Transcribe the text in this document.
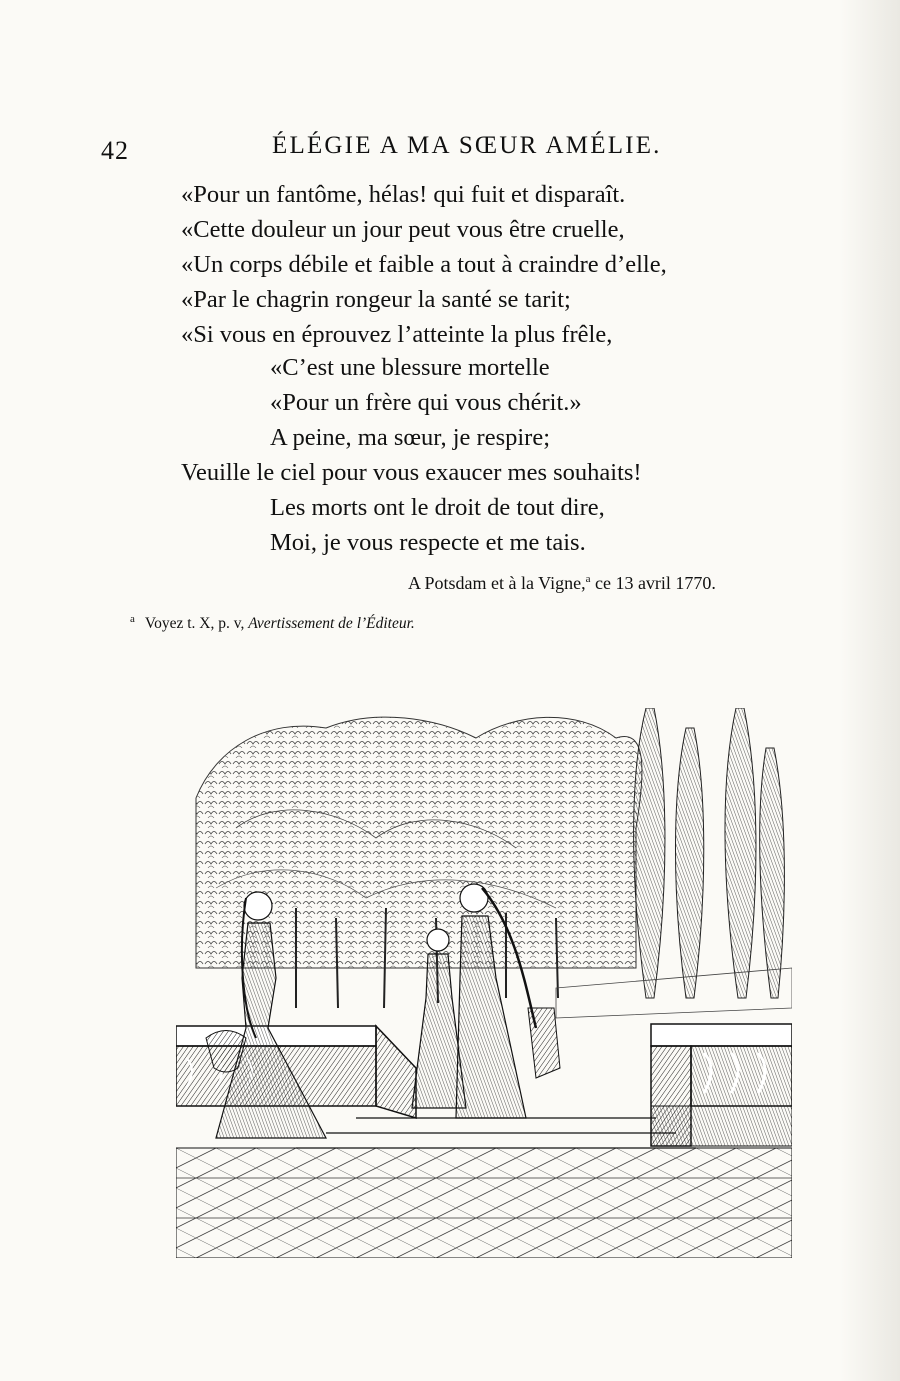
42	ÉLÉGIE A MA SŒUR AMÉLIE.
«Pour un fantôme, hélas! qui fuit et disparaît.
«Cette douleur un jour peut vous être cruelle,
«Un corps débile et faible a tout à craindre d’elle,
«Par le chagrin rongeur la santé se tarit;
«Si vous en éprouvez l’atteinte la plus frêle,
«C’est une blessure mortelle
«Pour un frère qui vous chérit.»
A peine, ma sœur, je respire;
Veuille le ciel pour vous exaucer mes souhaits!
Les morts ont le droit de tout dire,
Moi, je vous respecte et me tais.
A Potsdam et à la Vigne,$^a$ ce 13 avril 1770.
$^a$ Voyez t. X, p. v, Avertissement de l’Éditeur.
